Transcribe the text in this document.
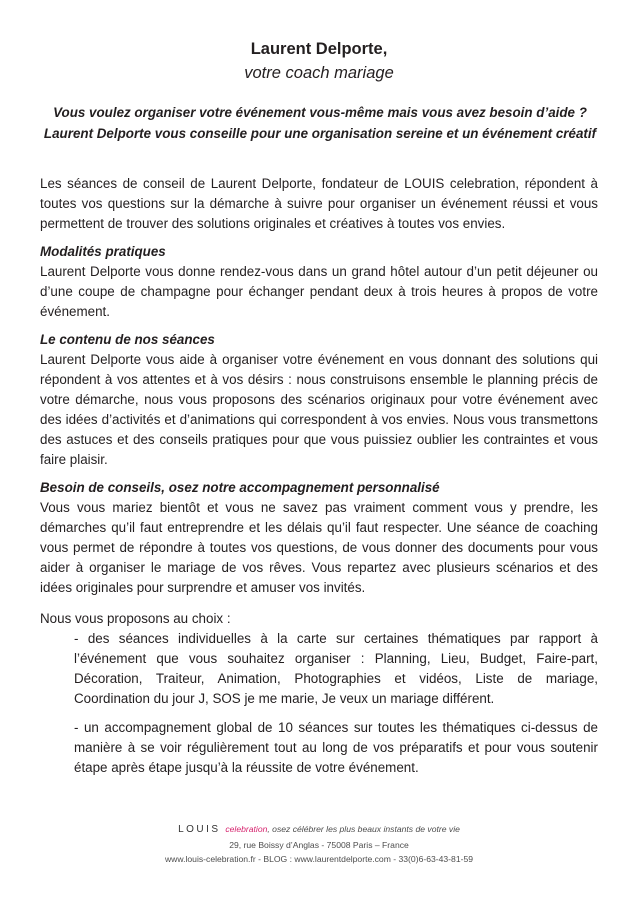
Laurent Delporte,
votre coach mariage
Vous voulez organiser votre événement vous-même mais vous avez besoin d’aide ?
Laurent Delporte vous conseille pour une organisation sereine et un événement créatif

Les séances de conseil de Laurent Delporte, fondateur de LOUIS celebration, répondent à toutes vos questions sur la démarche à suivre pour organiser un événement réussi et vous permettent de trouver des solutions originales et créatives à toutes vos envies.

Modalités pratiques

Laurent Delporte vous donne rendez-vous dans un grand hôtel autour d’un petit déjeuner ou d’une coupe de champagne pour échanger pendant deux à trois heures à propos de votre événement.

Le contenu de nos séances

Laurent Delporte vous aide à organiser votre événement en vous donnant des solutions qui répondent à vos attentes et à vos désirs : nous construisons ensemble le planning précis de votre démarche, nous vous proposons des scénarios originaux pour votre événement avec des idées d’activités et d’animations qui correspondent à vos envies. Nous vous transmettons des astuces et des conseils pratiques pour que vous puissiez oublier les contraintes et vous faire plaisir.

Besoin de conseils, osez notre accompagnement personnalisé

Vous vous mariez bientôt et vous ne savez pas vraiment comment vous y prendre, les démarches qu’il faut entreprendre et les délais qu’il faut respecter. Une séance de coaching vous permet de répondre à toutes vos questions, de vous donner des documents pour vous aider à organiser le mariage de vos rêves. Vous repartez avec plusieurs scénarios et des idées originales pour surprendre et amuser vos invités.

Nous vous proposons au choix :

- des séances individuelles à la carte sur certaines thématiques par rapport à l’événement que vous souhaitez organiser : Planning, Lieu, Budget, Faire-part, Décoration, Traiteur, Animation, Photographies et vidéos, Liste de mariage, Coordination du jour J, SOS je me marie, Je veux un mariage différent.

- un accompagnement global de 10 séances sur toutes les thématiques ci-dessus de manière à se voir régulièrement tout au long de vos préparatifs et pour vous soutenir étape après étape jusqu’à la réussite de votre événement.

LOUIS celebration, osez célébrer les plus beaux instants de votre vie
29, rue Boissy d’Anglas - 75008 Paris – France
www.louis-celebration.fr - BLOG : www.laurentdelporte.com - 33(0)6-63-43-81-59
